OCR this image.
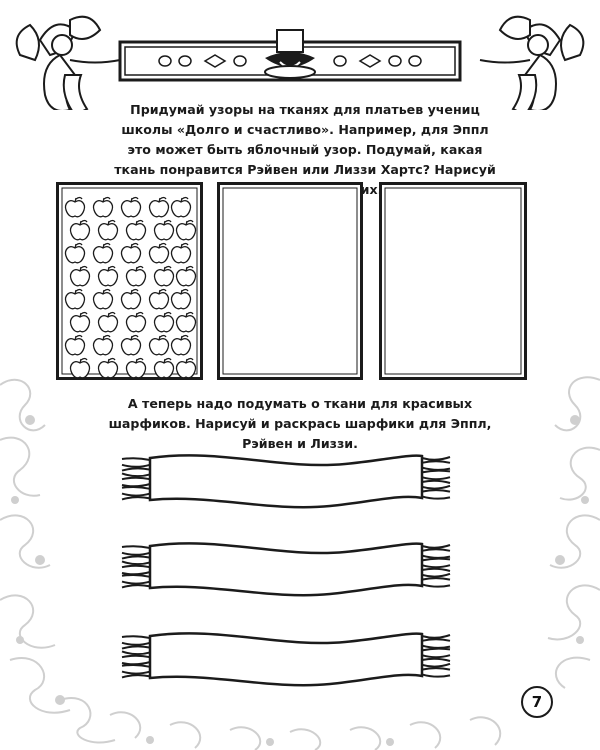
Придумай узоры на тканях для платьев учениц школы «Долго и счастливо». Например, для Эппл это может быть яблочный узор. Подумай, какая ткань понравится Рэйвен или Лиззи Хартс? Нарисуй их.
А теперь надо подумать о ткани для красивых шарфиков. Нарисуй и раскрась шарфики для Эппл, Рэйвен и Лиззи.
7
